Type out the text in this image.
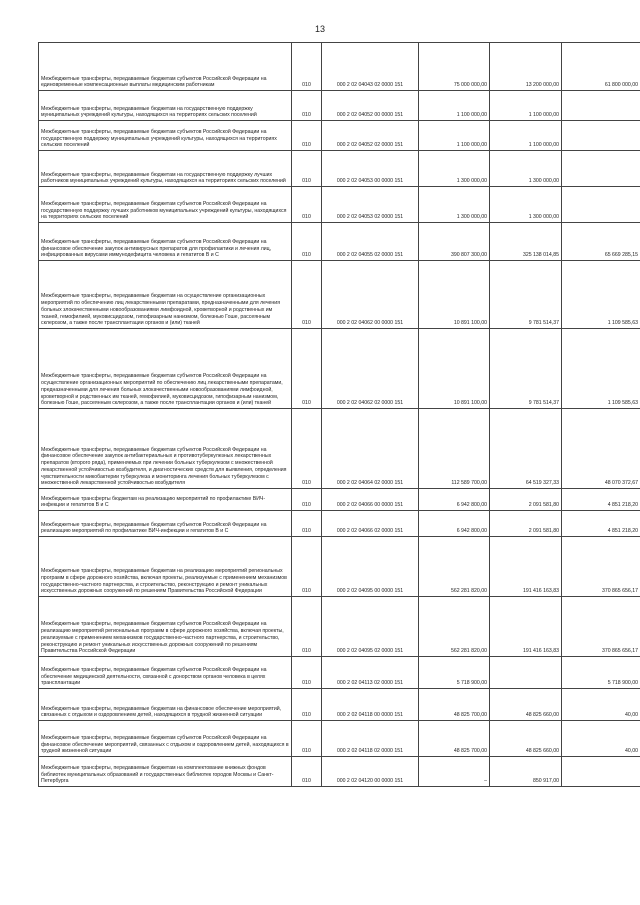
13
Межбюджетные трансферты, передаваемые бюджетам субъектов Российской Федерации на единовременные компенсационные выплаты медицинским работникам	010	000 2 02 04043 02 0000 151	75 000 000,00	13 200 000,00	61 800 000,00
Межбюджетные трансферты, передаваемые бюджетам на государственную поддержку муниципальных учреждений культуры, находящихся на территориях сельских поселений	010	000 2 02 04052 00 0000 151	1 100 000,00	1 100 000,00	
Межбюджетные трансферты, передаваемые бюджетам субъектов Российской Федерации на государственную поддержку муниципальных учреждений культуры, находящихся на территориях сельских поселений	010	000 2 02 04052 02 0000 151	1 100 000,00	1 100 000,00	
Межбюджетные трансферты, передаваемые бюджетам на государственную поддержку лучших работников муниципальных учреждений культуры, находящихся на территориях сельских поселений	010	000 2 02 04053 00 0000 151	1 300 000,00	1 300 000,00	
Межбюджетные трансферты, передаваемые бюджетам субъектов Российской Федерации на государственную поддержку лучших работников муниципальных учреждений культуры, находящихся на территориях сельских поселений	010	000 2 02 04053 02 0000 151	1 300 000,00	1 300 000,00	
Межбюджетные трансферты, передаваемые бюджетам субъектов Российской Федерации на финансовое обеспечение закупок антивирусных препаратов для профилактики и лечения лиц, инфицированных вирусами иммунодефицита человека и гепатитов B и C	010	000 2 02 04055 02 0000 151	390 807 300,00	325 138 014,85	65 669 285,15
Межбюджетные трансферты, передаваемые бюджетам на осуществление организационных мероприятий по обеспечению лиц лекарственными препаратами, предназначенными для лечения больных злокачественными новообразованиями лимфоидной, кроветворной и родственных им тканей, гемофилией, муковисцидозом, гипофизарным нанизмом, болезнью Гоше, рассеянным склерозом, а также после трансплантации органов и (или) тканей	010	000 2 02 04062 00 0000 151	10 891 100,00	9 781 514,37	1 109 585,63
Межбюджетные трансферты, передаваемые бюджетам субъектов Российской Федерации на осуществление организационных мероприятий по обеспечению лиц лекарственными препаратами, предназначенными для лечения больных злокачественными новообразованиями лимфоидной, кроветворной и родственных им тканей, гемофилией, муковисцидозом, гипофизарным нанизмом, болезнью Гоше, рассеянным склерозом, а также после трансплантации органов и (или) тканей	010	000 2 02 04062 02 0000 151	10 891 100,00	9 781 514,37	1 109 585,63
Межбюджетные трансферты, передаваемые бюджетам субъектов Российской Федерации на финансовое обеспечение закупок антибактериальных и противотуберкулезных лекарственных препаратов (второго ряда), применяемых при лечении больных туберкулезом с множественной лекарственной устойчивостью возбудителя, и диагностических средств для выявления, определения чувствительности микобактерии туберкулеза и мониторинга лечения больных туберкулезом с множественной лекарственной устойчивостью возбудителя	010	000 2 02 04064 02 0000 151	112 589 700,00	64 519 327,33	48 070 372,67
Межбюджетные трансферты бюджетам на реализацию мероприятий по профилактике ВИЧ-инфекции и гепатитов B и C	010	000 2 02 04066 00 0000 151	6 942 800,00	2 091 581,80	4 851 218,20
Межбюджетные трансферты, передаваемые бюджетам субъектов Российской Федерации на реализацию мероприятий по профилактике ВИЧ-инфекции и гепатитов B и C	010	000 2 02 04066 02 0000 151	6 942 800,00	2 091 581,80	4 851 218,20
Межбюджетные трансферты, передаваемые бюджетам на реализацию мероприятий региональных программ в сфере дорожного хозяйства, включая проекты, реализуемые с применением механизмов государственно-частного партнерства, и строительство, реконструкцию и ремонт уникальных искусственных дорожных сооружений по решениям Правительства Российской Федерации	010	000 2 02 04095 00 0000 151	562 281 820,00	191 416 163,83	370 865 656,17
Межбюджетные трансферты, передаваемые бюджетам субъектов Российской Федерации на реализацию мероприятий региональных программ в сфере дорожного хозяйства, включая проекты, реализуемые с применением механизмов государственно-частного партнерства, и строительство, реконструкцию и ремонт уникальных искусственных дорожных сооружений по решениям Правительства Российской Федерации	010	000 2 02 04095 02 0000 151	562 281 820,00	191 416 163,83	370 865 656,17
Межбюджетные трансферты, передаваемые бюджетам субъектов Российской Федерации на обеспечение медицинской деятельности, связанной с донорством органов человека в целях трансплантации	010	000 2 02 04113 02 0000 151	5 718 900,00		5 718 900,00
Межбюджетные трансферты, передаваемые бюджетам на финансовое обеспечение мероприятий, связанных с отдыхом и оздоровлением детей, находящихся в трудной жизненной ситуации	010	000 2 02 04118 00 0000 151	48 825 700,00	48 825 660,00	40,00
Межбюджетные трансферты, передаваемые бюджетам субъектов Российской Федерации на финансовое обеспечение мероприятий, связанных с отдыхом и оздоровлением детей, находящихся в трудной жизненной ситуации	010	000 2 02 04118 02 0000 151	48 825 700,00	48 825 660,00	40,00
Межбюджетные трансферты, передаваемые бюджетам на комплектование книжных фондов библиотек муниципальных образований и государственных библиотек городов Москвы и Санкт-Петербурга	010	000 2 02 04120 00 0000 151	–	850 917,00	
